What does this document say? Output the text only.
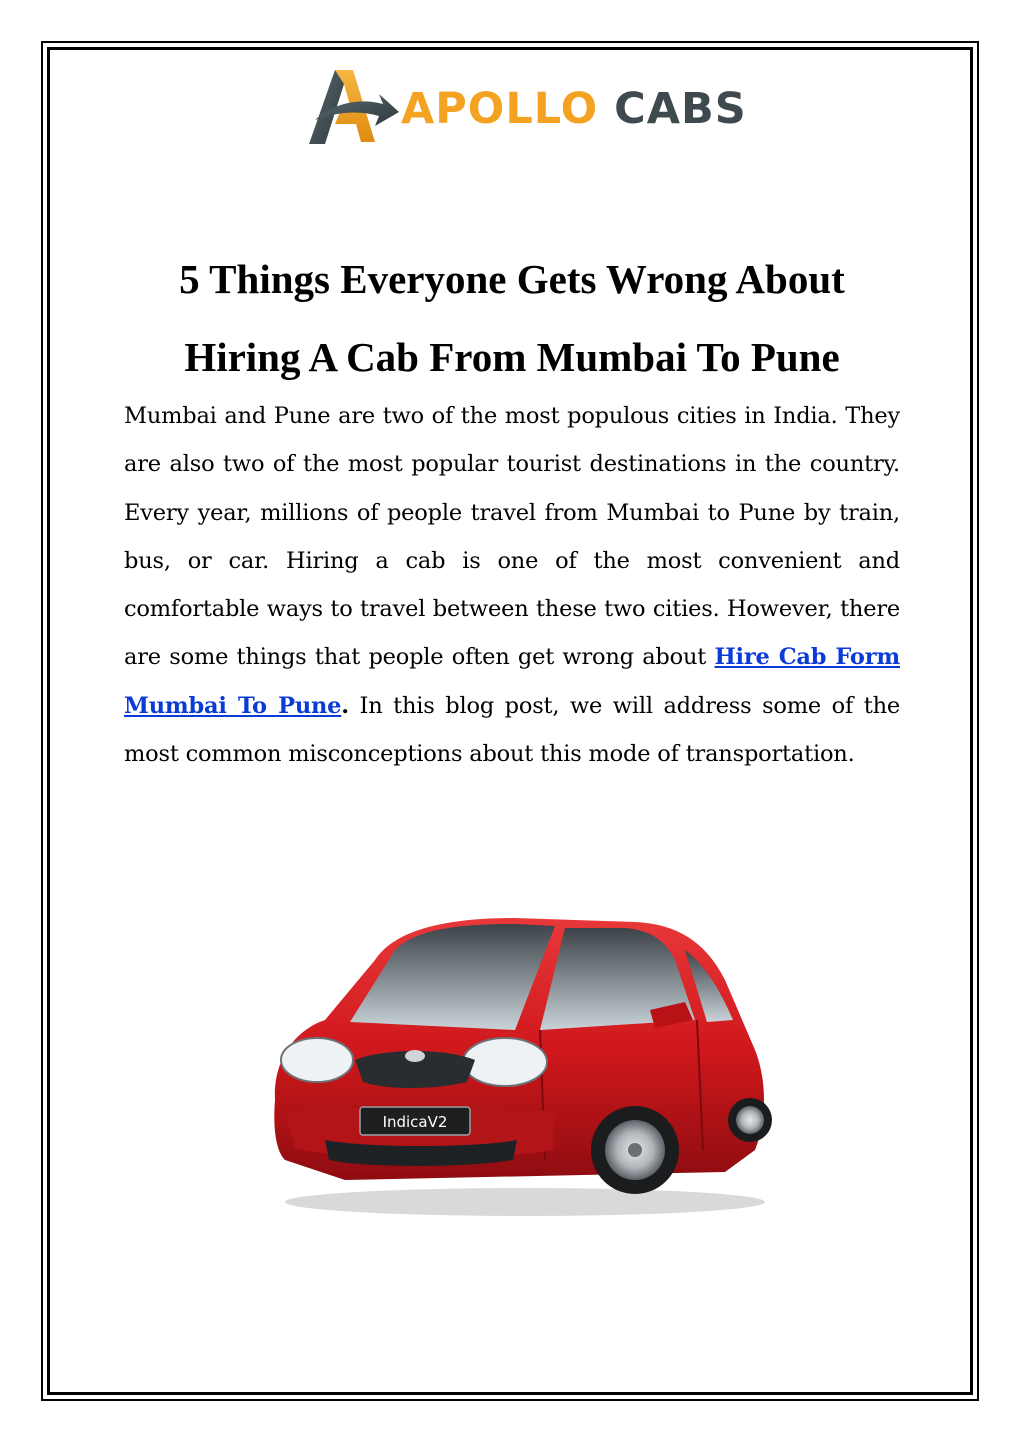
APOLLO CABS
5 Things Everyone Gets Wrong About
Hiring A Cab From Mumbai To Pune

Mumbai and Pune are two of the most populous cities in India. They are also two of the most popular tourist destinations in the country. Every year, millions of people travel from Mumbai to Pune by train, bus, or car. Hiring a cab is one of the most convenient and comfortable ways to travel between these two cities. However, there are some things that people often get wrong about Hire Cab Form Mumbai To Pune. In this blog post, we will address some of the most common misconceptions about this mode of transportation.

IndicaV2
